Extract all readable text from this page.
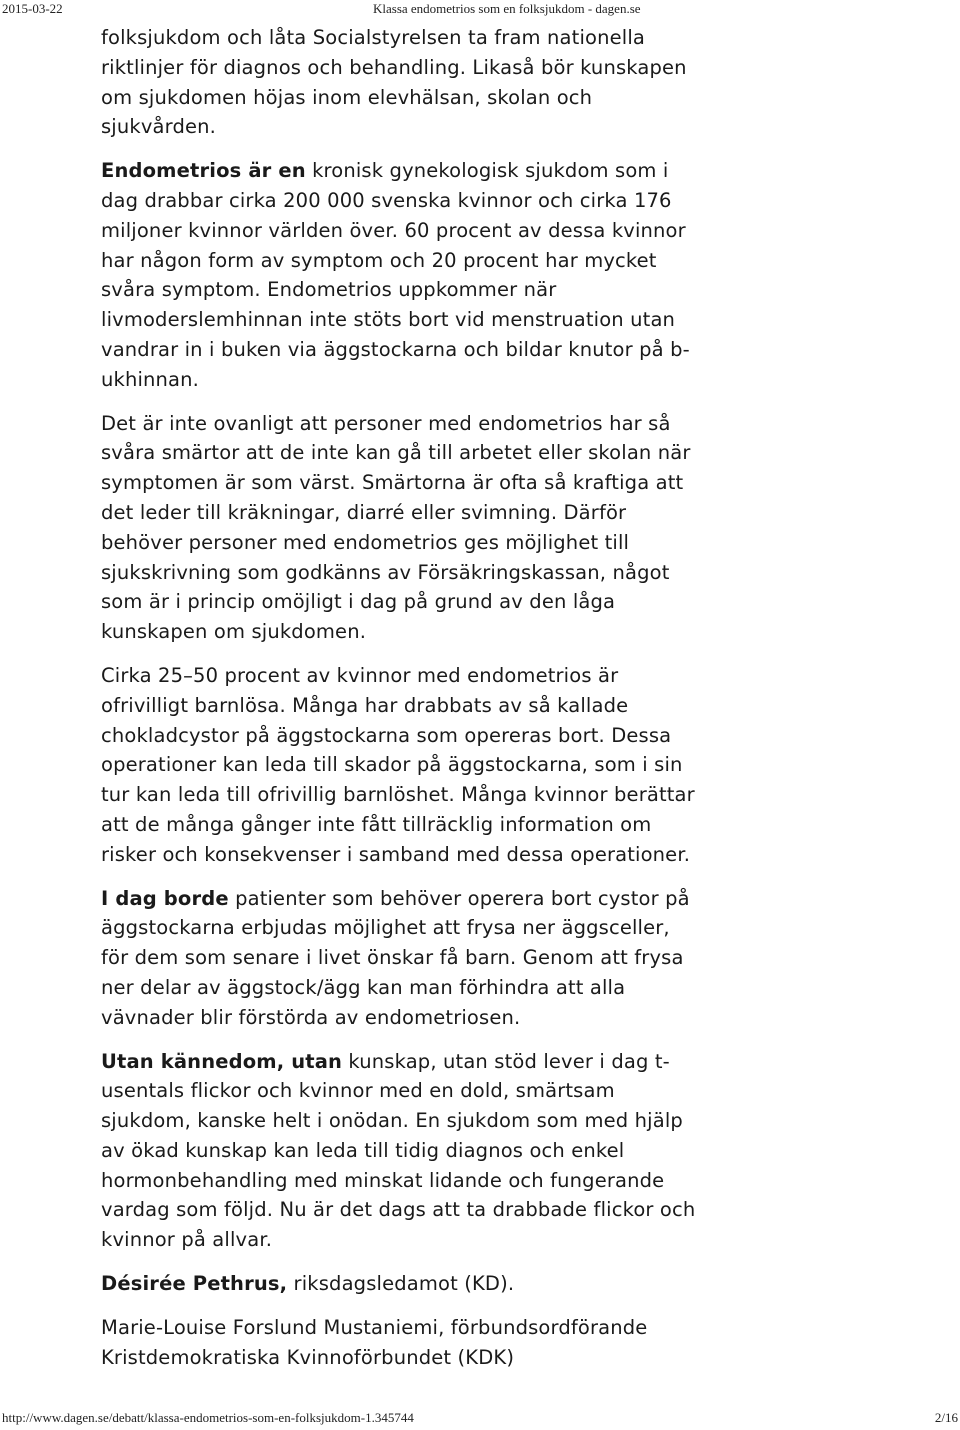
2015-03-22	Klassa endometrios som en folksjukdom - dagen.se

folksjukdom och låta Socialstyrelsen ta fram nationella riktlinjer för diagnos och behandling. Likaså bör kunskapen om sjukdomen höjas inom elevhälsan, skolan och sjukvården.

Endometrios är en kronisk gynekologisk sjukdom som i dag drabbar cirka 200 000 svenska kvinnor och cirka 176 miljoner kvinnor världen över. 60 procent av dessa kvinnor har någon form av symptom och 20 procent har mycket svåra symptom. Endometrios uppkommer när livmoderslemhinnan inte stöts bort vid menstruation utan vandrar in i buken via äggstockarna och bildar knutor på b-ukhinnan.

Det är inte ovanligt att personer med endometrios har så svåra smärtor att de inte kan gå till arbetet eller skolan när symptomen är som värst. Smärtorna är ofta så kraftiga att det leder till kräkningar, diarré eller svimning. Därför behöver personer med endometrios ges möjlighet till sjukskrivning som godkänns av Försäkringskassan, något som är i princip omöjligt i dag på grund av den låga kunskapen om sjukdomen.

Cirka 25–50 procent av kvinnor med endometrios är ofrivilligt barnlösa. Många har drabbats av så kallade chokladcystor på äggstockarna som opereras bort. Dessa operationer kan leda till skador på äggstockarna, som i sin tur kan leda till ofrivillig barnlöshet. Många kvinnor berättar att de många gånger inte fått tillräcklig information om risker och konsekvenser i samband med dessa operationer.

I dag borde patienter som behöver operera bort cystor på äggstockarna erbjudas möjlighet att frysa ner äggsceller, för dem som senare i livet önskar få barn. Genom att frysa ner delar av äggstock/ägg kan man förhindra att alla vävnader blir förstörda av endometriosen.

Utan kännedom, utan kunskap, utan stöd lever i dag t-usentals flickor och kvinnor med en dold, smärtsam sjukdom, kanske helt i onödan. En sjukdom som med hjälp av ökad kunskap kan leda till tidig diagnos och enkel hormonbehandling med minskat lidande och fungerande vardag som följd. Nu är det dags att ta drabbade flickor och kvinnor på allvar.

Désirée Pethrus, riksdagsledamot (KD).

Marie-Louise Forslund Mustaniemi, förbundsordförande Kristdemokratiska Kvinnoförbundet (KDK)

http://www.dagen.se/debatt/klassa-endometrios-som-en-folksjukdom-1.345744	2/16
